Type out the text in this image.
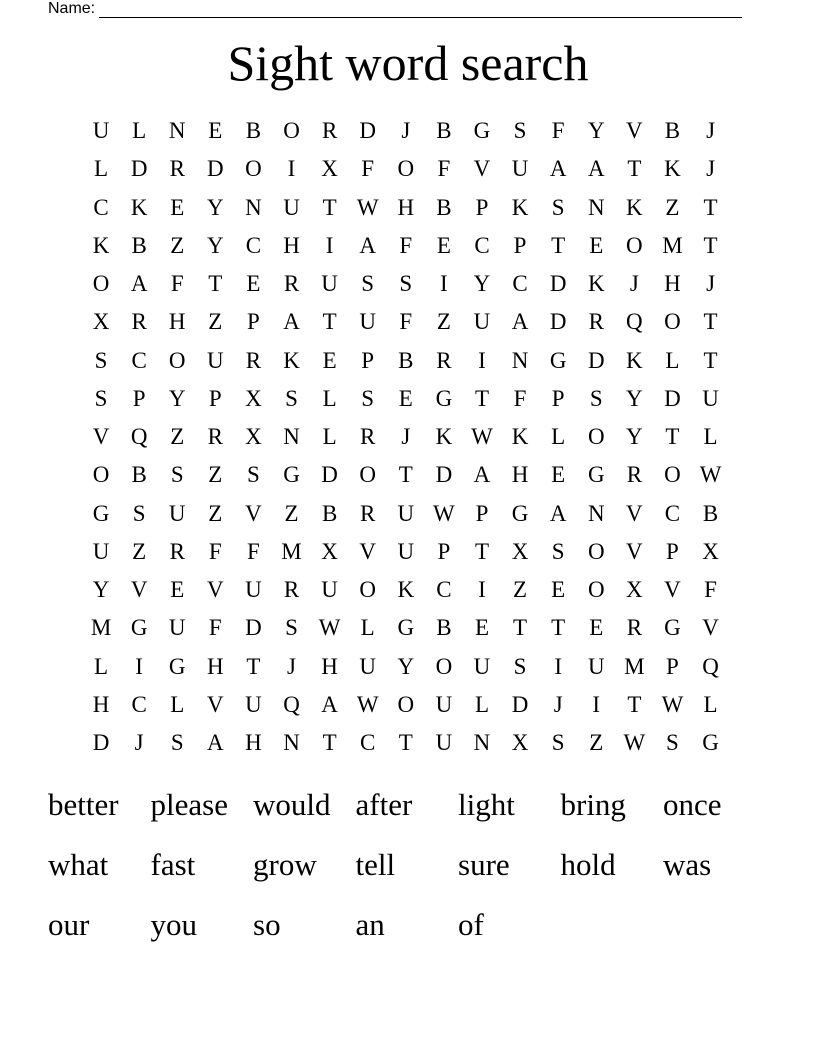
Name:
Sight word search
U L N E	B O R D	J	B G	S	F	Y V B	J
L D R D O	I	X	F	O	F	V U A A T K	J
C K E Y N U T W H B	P	K	S	N K Z	T
K B	Z Y C H	I	A	F	E	C	P	T	E O M T
O A	F	T	E	R U	S	S	I	Y C D K	J	H	J
X R H Z	P	A T U	F	Z U A D R Q O T
S	C O U R K E	P	B R	I	N G D K L	T
S	P	Y	P	X	S	L	S	E G T	F	P	S	Y D U
V Q Z	R X N L	R	J	K W K L O Y T	L
O B	S	Z	S	G D O T D A H E G R O W
G	S	U Z V Z	B R U W P	G A N V C B
U Z	R	F	F M X V U	P	T X	S	O V	P	X
Y V E V U R U O K C	I	Z	E O X V	F
M G U	F	D	S W L G B	E	T	T	E	R G V
L	I	G H T	J	H U Y O U	S	I	U M P	Q
H C	L V U Q A W O U L D	J	I	T W L
D	J	S	A H N T	C	T U N X	S	Z W S	G
better	please would after	light	bring	once
what	fast	grow	tell	sure	hold	was
our	you	so	an	of
